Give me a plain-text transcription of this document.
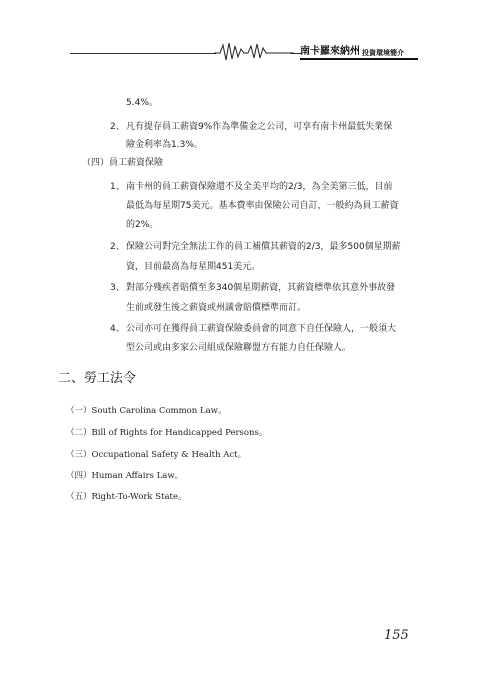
南卡羅來納州 投資環境簡介
5.4%。
2、 凡有提存員工薪資9%作為準備金之公司，可享有南卡州最低失業保
險金利率為1.3%。
（四）員工薪資保險
1、 南卡州的員工薪資保險還不及全美平均的2/3，為全美第三低，目前
最低為每星期75美元。基本費率由保險公司自訂，一般約為員工薪資
的2%。
2、 保險公司對完全無法工作的員工補償其薪資的2/3，最多500個星期薪
資，目前最高為每星期451美元。
3、 對部分殘疾者賠償至多340個星期薪資，其薪資標準依其意外事故發
生前或發生後之薪資或州議會賠償標準而訂。
4、 公司亦可在獲得員工薪資保險委員會的同意下自任保險人，一般須大
型公司或由多家公司組成保險聯盟方有能力自任保險人。
二、勞工法令
（一）South Carolina Common Law。
（二）Bill of Rights for Handicapped Persons。
（三）Occupational Safety & Health Act。
（四）Human Affairs Law。
（五）Right-To-Work State。
155
